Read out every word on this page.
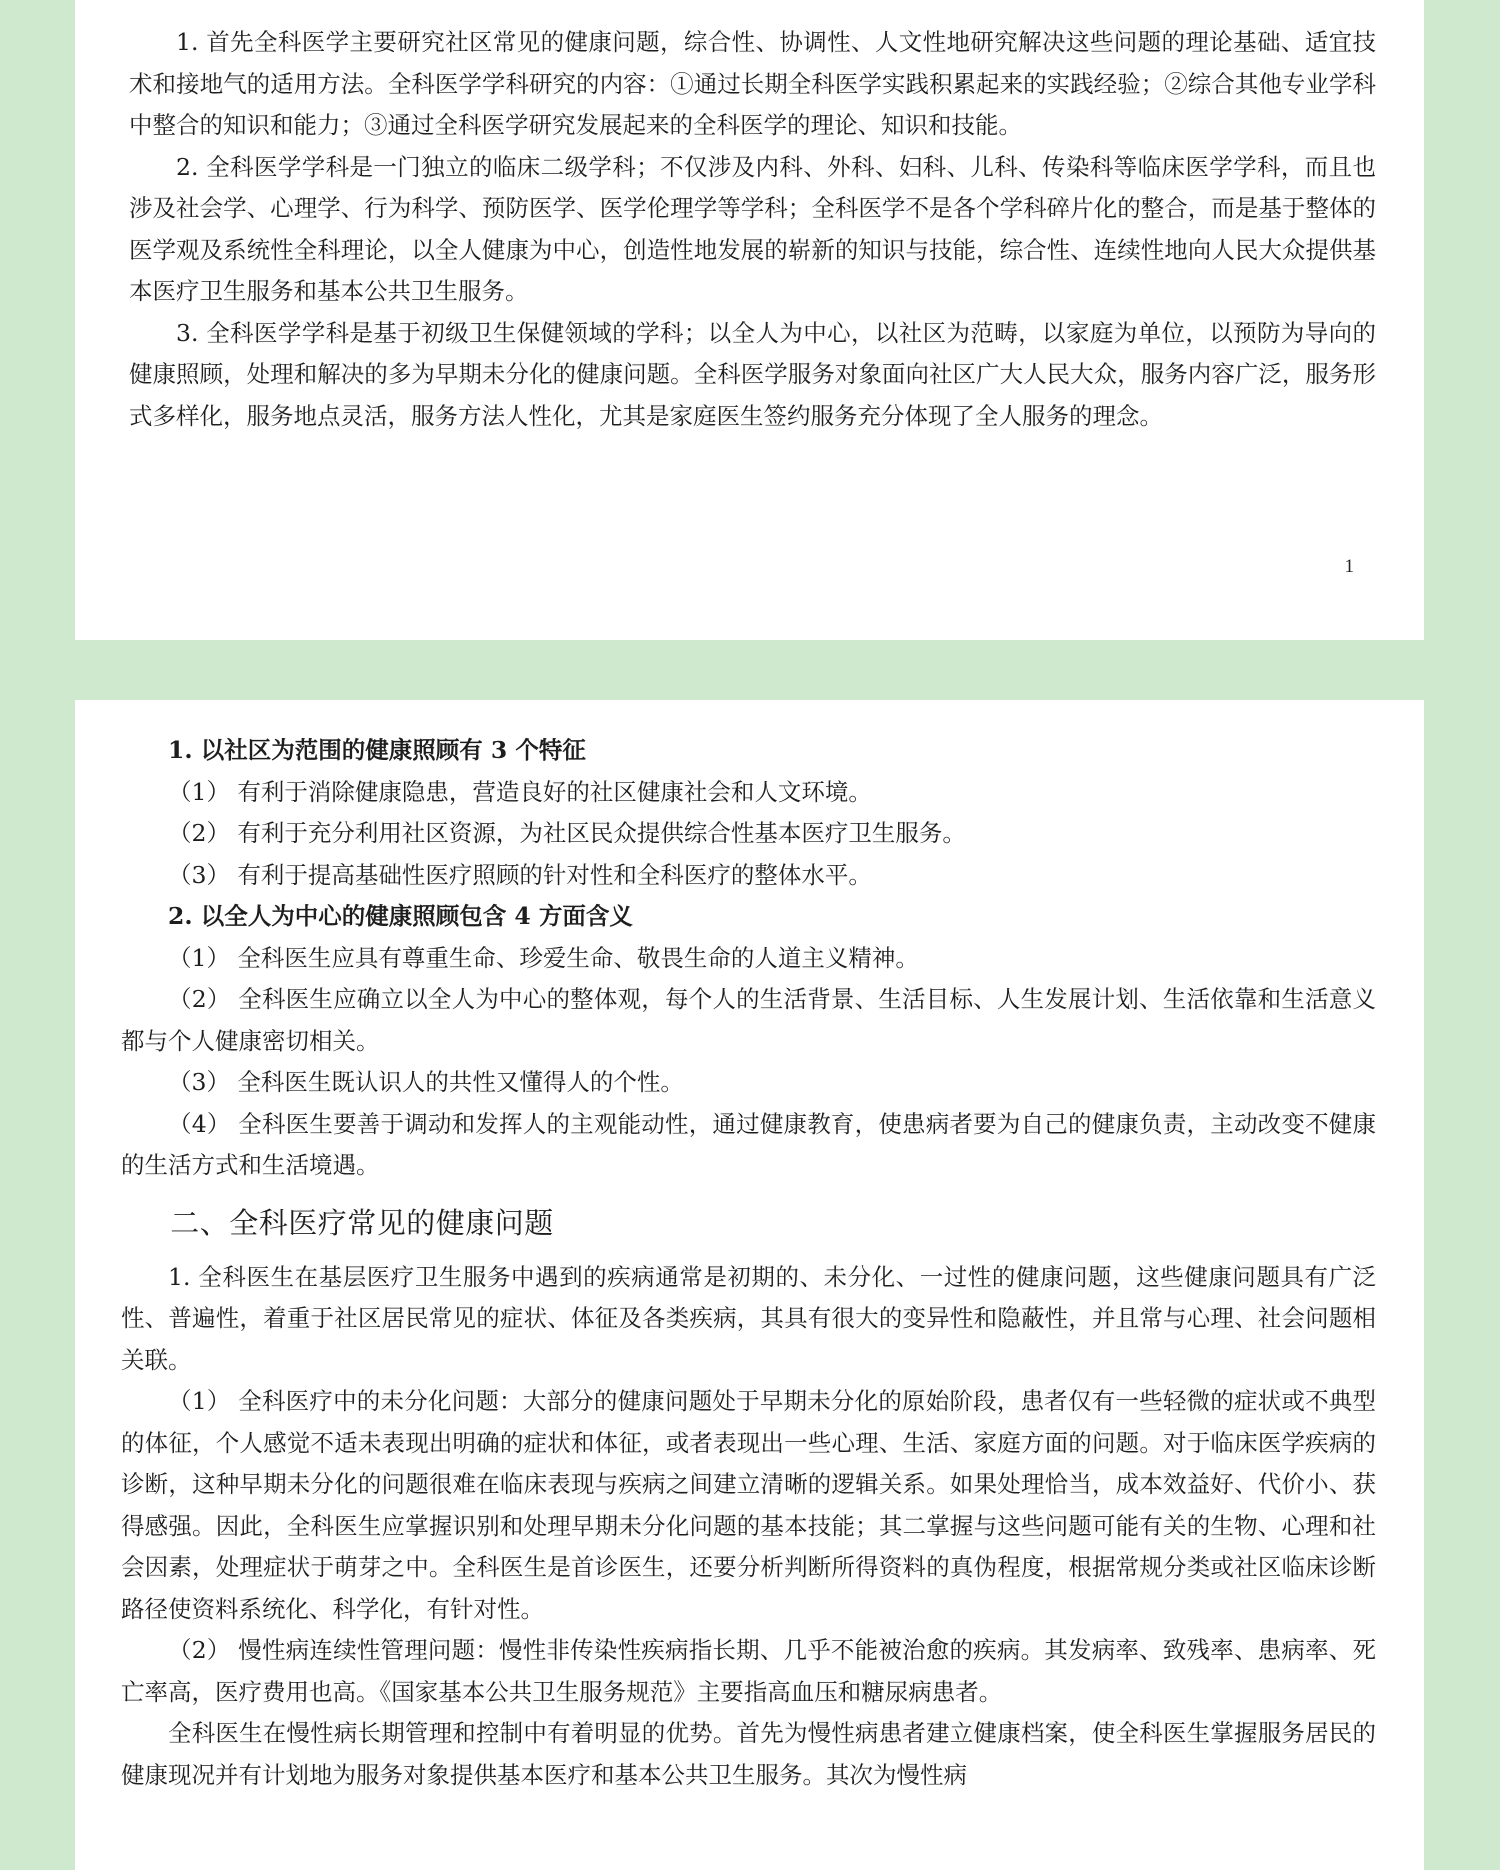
1. 首先全科医学主要研究社区常见的健康问题，综合性、协调性、人文性地研究解决这些问题的理论基础、适宜技术和接地气的适用方法。全科医学学科研究的内容：①通过长期全科医学实践积累起来的实践经验；②综合其他专业学科中整合的知识和能力；③通过全科医学研究发展起来的全科医学的理论、知识和技能。

2. 全科医学学科是一门独立的临床二级学科；不仅涉及内科、外科、妇科、儿科、传染科等临床医学学科，而且也涉及社会学、心理学、行为科学、预防医学、医学伦理学等学科；全科医学不是各个学科碎片化的整合，而是基于整体的医学观及系统性全科理论，以全人健康为中心，创造性地发展的崭新的知识与技能，综合性、连续性地向人民大众提供基本医疗卫生服务和基本公共卫生服务。

3. 全科医学学科是基于初级卫生保健领域的学科；以全人为中心，以社区为范畴，以家庭为单位，以预防为导向的健康照顾，处理和解决的多为早期未分化的健康问题。全科医学服务对象面向社区广大人民大众，服务内容广泛，服务形式多样化，服务地点灵活，服务方法人性化，尤其是家庭医生签约服务充分体现了全人服务的理念。

1

1. 以社区为范围的健康照顾有 3 个特征

（1） 有利于消除健康隐患，营造良好的社区健康社会和人文环境。

（2） 有利于充分利用社区资源，为社区民众提供综合性基本医疗卫生服务。

（3） 有利于提高基础性医疗照顾的针对性和全科医疗的整体水平。

2. 以全人为中心的健康照顾包含 4 方面含义

（1） 全科医生应具有尊重生命、珍爱生命、敬畏生命的人道主义精神。

（2） 全科医生应确立以全人为中心的整体观，每个人的生活背景、生活目标、人生发展计划、生活依靠和生活意义都与个人健康密切相关。

（3） 全科医生既认识人的共性又懂得人的个性。

（4） 全科医生要善于调动和发挥人的主观能动性，通过健康教育，使患病者要为自己的健康负责，主动改变不健康的生活方式和生活境遇。

二、全科医疗常见的健康问题

1. 全科医生在基层医疗卫生服务中遇到的疾病通常是初期的、未分化、一过性的健康问题，这些健康问题具有广泛性、普遍性，着重于社区居民常见的症状、体征及各类疾病，其具有很大的变异性和隐蔽性，并且常与心理、社会问题相关联。

（1） 全科医疗中的未分化问题：大部分的健康问题处于早期未分化的原始阶段，患者仅有一些轻微的症状或不典型的体征，个人感觉不适未表现出明确的症状和体征，或者表现出一些心理、生活、家庭方面的问题。对于临床医学疾病的诊断，这种早期未分化的问题很难在临床表现与疾病之间建立清晰的逻辑关系。如果处理恰当，成本效益好、代价小、获得感强。因此，全科医生应掌握识别和处理早期未分化问题的基本技能；其二掌握与这些问题可能有关的生物、心理和社会因素，处理症状于萌芽之中。全科医生是首诊医生，还要分析判断所得资料的真伪程度，根据常规分类或社区临床诊断路径使资料系统化、科学化，有针对性。

（2） 慢性病连续性管理问题：慢性非传染性疾病指长期、几乎不能被治愈的疾病。其发病率、致残率、患病率、死亡率高，医疗费用也高。《国家基本公共卫生服务规范》主要指高血压和糖尿病患者。

全科医生在慢性病长期管理和控制中有着明显的优势。首先为慢性病患者建立健康档案，使全科医生掌握服务居民的健康现况并有计划地为服务对象提供基本医疗和基本公共卫生服务。其次为慢性病
